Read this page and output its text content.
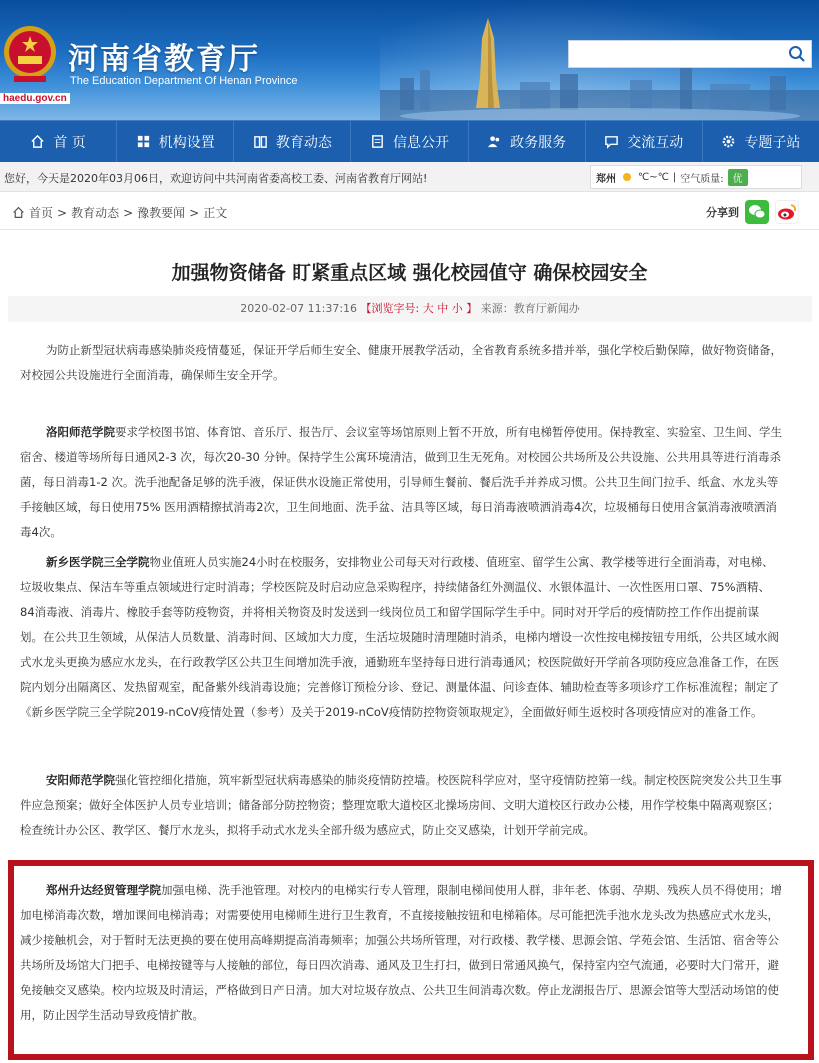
河南省教育厅
The Education Department Of Henan Province
haedu.gov.cn
首 页	机构设置	教育动态	信息公开	政务服务	交流互动	专题子站
您好，今天是2020年03月06日，欢迎访问中共河南省委高校工委、河南省教育厅网站!	郑州 ℃~℃ | 空气质量: 优
首页 > 教育动态 > 豫教要闻 > 正文	分享到
加强物资储备 盯紧重点区域 强化校园值守 确保校园安全
2020-02-07 11:37:16 【浏览字号: 大 中 小 】 来源：教育厅新闻办
为防止新型冠状病毒感染肺炎疫情蔓延，保证开学后师生安全、健康开展教学活动，全省教育系统多措并举，强化学校后勤保障，做好物资储备，对校园公共设施进行全面消毒，确保师生安全开学。
洛阳师范学院要求学校图书馆、体育馆、音乐厅、报告厅、会议室等场馆原则上暂不开放，所有电梯暂停使用。保持教室、实验室、卫生间、学生宿舍、楼道等场所每日通风2-3 次，每次20-30 分钟。保持学生公寓环境清洁，做到卫生无死角。对校园公共场所及公共设施、公共用具等进行消毒杀菌，每日消毒1-2 次。洗手池配备足够的洗手液，保证供水设施正常使用，引导师生餐前、餐后洗手并养成习惯。公共卫生间门拉手、纸盒、水龙头等手接触区域，每日使用75% 医用酒精擦拭消毒2次，卫生间地面、洗手盆、洁具等区域，每日消毒液喷洒消毒4次，垃圾桶每日使用含氯消毒液喷洒消毒4次。
新乡医学院三全学院物业值班人员实施24小时在校服务，安排物业公司每天对行政楼、值班室、留学生公寓、教学楼等进行全面消毒，对电梯、垃圾收集点、保洁车等重点领域进行定时消毒；学校医院及时启动应急采购程序，持续储备红外测温仪、水银体温计、一次性医用口罩、75%酒精、84消毒液、消毒片、橡胶手套等防疫物资，并将相关物资及时发送到一线岗位员工和留学国际学生手中。同时对开学后的疫情防控工作作出提前谋划。在公共卫生领域，从保洁人员数量、消毒时间、区域加大力度，生活垃圾随时清理随时消杀，电梯内增设一次性按电梯按钮专用纸，公共区域水阀式水龙头更换为感应水龙头，在行政教学区公共卫生间增加洗手液，通勤班车坚持每日进行消毒通风；校医院做好开学前各项防疫应急准备工作，在医院内划分出隔离区、发热留观室，配备紫外线消毒设施；完善修订预检分诊、登记、测量体温、问诊查体、辅助检查等多项诊疗工作标准流程；制定了《新乡医学院三全学院2019-nCoV疫情处置（参考）及关于2019-nCoV疫情防控物资领取规定》，全面做好师生返校时各项疫情应对的准备工作。
安阳师范学院强化管控细化措施，筑牢新型冠状病毒感染的肺炎疫情防控墙。校医院科学应对，坚守疫情防控第一线。制定校医院突发公共卫生事件应急预案；做好全体医护人员专业培训；储备部分防控物资；整理宽歌大道校区北操场房间、文明大道校区行政办公楼，用作学校集中隔离观察区；检查统计办公区、教学区、餐厅水龙头，拟将手动式水龙头全部升级为感应式，防止交叉感染，计划开学前完成。
郑州升达经贸管理学院加强电梯、洗手池管理。对校内的电梯实行专人管理，限制电梯间使用人群，非年老、体弱、孕期、残疾人员不得使用；增加电梯消毒次数，增加课间电梯消毒；对需要使用电梯师生进行卫生教育，不直接接触按钮和电梯箱体。尽可能把洗手池水龙头改为热感应式水龙头，减少接触机会，对于暂时无法更换的要在使用高峰期提高消毒频率；加强公共场所管理，对行政楼、教学楼、思源会馆、学苑会馆、生活馆、宿舍等公共场所及场馆大门把手、电梯按键等与人接触的部位，每日四次消毒、通风及卫生打扫，做到日常通风换气，保持室内空气流通，必要时大门常开，避免接触交叉感染。校内垃圾及时清运，严格做到日产日清。加大对垃圾存放点、公共卫生间消毒次数。停止龙湖报告厅、思源会馆等大型活动场馆的使用，防止因学生活动导致疫情扩散。
